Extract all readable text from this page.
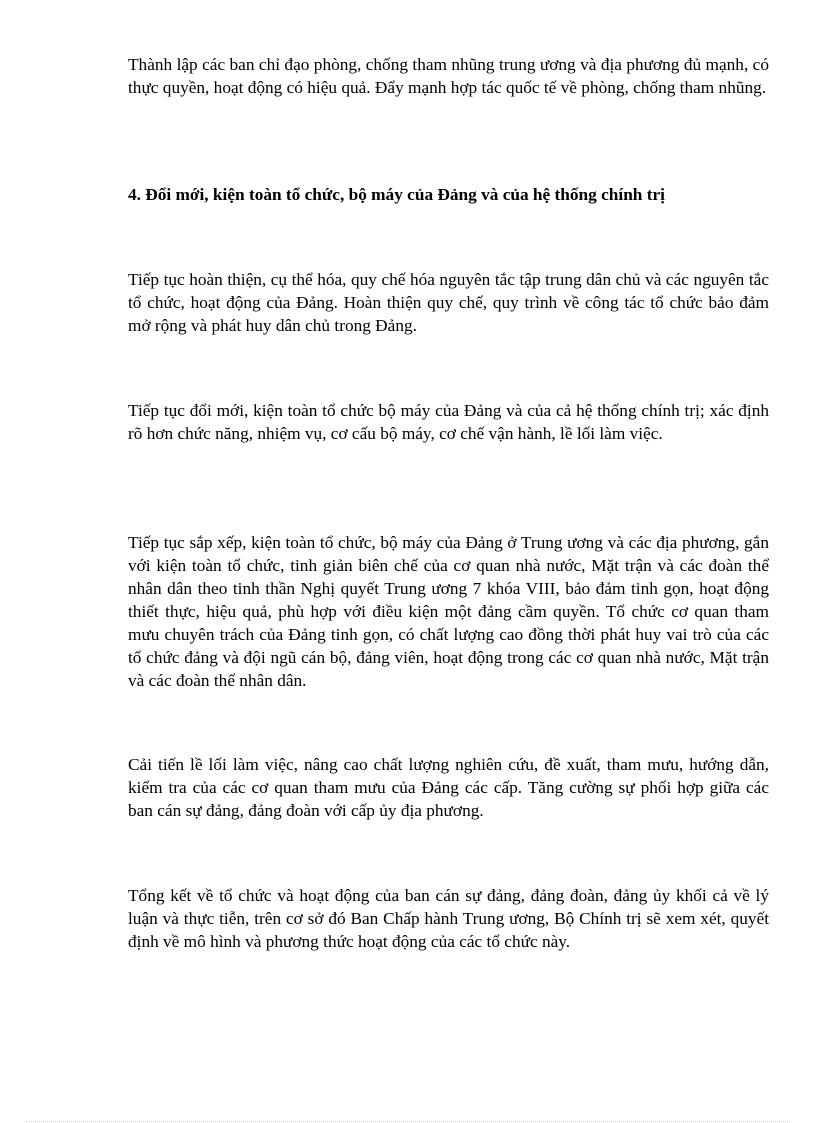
Thành lập các ban chỉ đạo phòng, chống tham nhũng trung ương và địa phương đủ mạnh, có thực quyền, hoạt động có hiệu quả. Đẩy mạnh hợp tác quốc tế về phòng, chống tham nhũng.

4. Đổi mới, kiện toàn tổ chức, bộ máy của Đảng và của hệ thống chính trị

Tiếp tục hoàn thiện, cụ thể hóa, quy chế hóa nguyên tắc tập trung dân chủ và các nguyên tắc tổ chức, hoạt động của Đảng. Hoàn thiện quy chế, quy trình về công tác tổ chức bảo đảm mở rộng và phát huy dân chủ trong Đảng.

Tiếp tục đổi mới, kiện toàn tổ chức bộ máy của Đảng và của cả hệ thống chính trị; xác định rõ hơn chức năng, nhiệm vụ, cơ cấu bộ máy, cơ chế vận hành, lề lối làm việc.

Tiếp tục sắp xếp, kiện toàn tổ chức, bộ máy của Đảng ở Trung ương và các địa phương, gắn với kiện toàn tổ chức, tinh giản biên chế của cơ quan nhà nước, Mặt trận và các đoàn thể nhân dân theo tinh thần Nghị quyết Trung ương 7 khóa VIII, bảo đảm tinh gọn, hoạt động thiết thực, hiệu quả, phù hợp với điều kiện một đảng cầm quyền. Tổ chức cơ quan tham mưu chuyên trách của Đảng tinh gọn, có chất lượng cao đồng thời phát huy vai trò của các tổ chức đảng và đội ngũ cán bộ, đảng viên, hoạt động trong các cơ quan nhà nước, Mặt trận và các đoàn thể nhân dân.

Cải tiến lề lối làm việc, nâng cao chất lượng nghiên cứu, đề xuất, tham mưu, hướng dẫn, kiểm tra của các cơ quan tham mưu của Đảng các cấp. Tăng cường sự phối hợp giữa các ban cán sự đảng, đảng đoàn với cấp ủy địa phương.

Tổng kết về tổ chức và hoạt động của ban cán sự đảng, đảng đoàn, đảng ủy khối cả về lý luận và thực tiễn, trên cơ sở đó Ban Chấp hành Trung ương, Bộ Chính trị sẽ xem xét, quyết định về mô hình và phương thức hoạt động của các tổ chức này.
